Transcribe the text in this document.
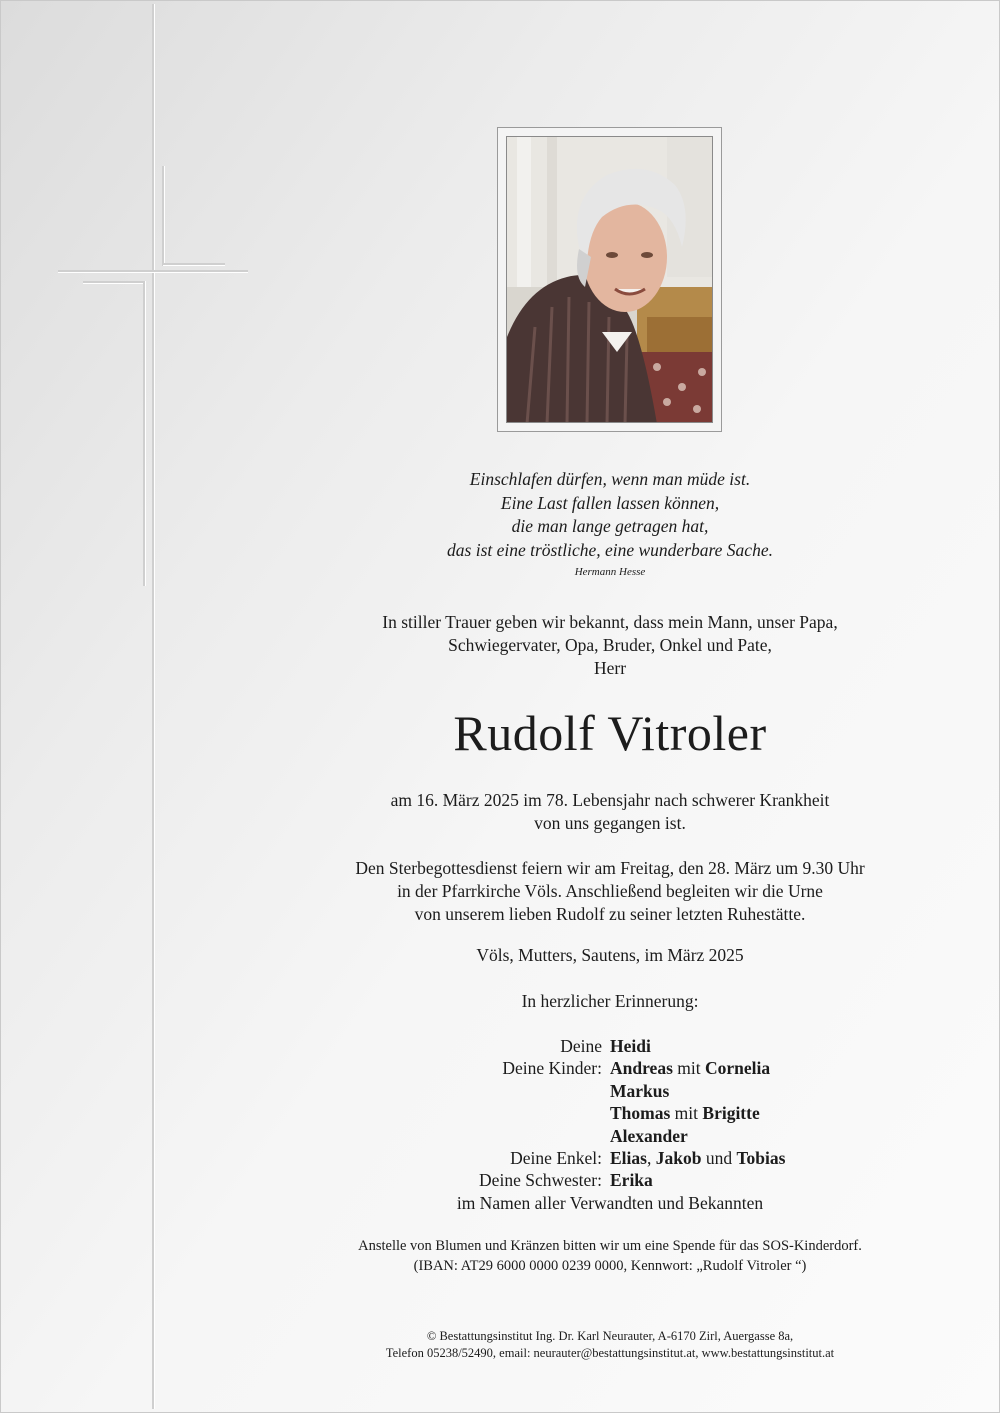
Einschlafen dürfen, wenn man müde ist.
Eine Last fallen lassen können,
die man lange getragen hat,
das ist eine tröstliche, eine wunderbare Sache.
Hermann Hesse
In stiller Trauer geben wir bekannt, dass mein Mann, unser Papa,
Schwiegervater, Opa, Bruder, Onkel und Pate,
Herr
Rudolf Vitroler
am 16. März 2025 im 78. Lebensjahr nach schwerer Krankheit
von uns gegangen ist.
Den Sterbegottesdienst feiern wir am Freitag, den 28. März um 9.30 Uhr
in der Pfarrkirche Völs. Anschließend begleiten wir die Urne
von unserem lieben Rudolf zu seiner letzten Ruhestätte.
Völs, Mutters, Sautens, im März 2025
In herzlicher Erinnerung:
Deine Heidi
Deine Kinder: Andreas mit Cornelia
Markus
Thomas mit Brigitte
Alexander
Deine Enkel: Elias, Jakob und Tobias
Deine Schwester: Erika
im Namen aller Verwandten und Bekannten
Anstelle von Blumen und Kränzen bitten wir um eine Spende für das SOS-Kinderdorf.
(IBAN: AT29 6000 0000 0239 0000, Kennwort: „Rudolf Vitroler “)
© Bestattungsinstitut Ing. Dr. Karl Neurauter, A-6170 Zirl, Auergasse 8a,
Telefon 05238/52490, email: neurauter@bestattungsinstitut.at, www.bestattungsinstitut.at
